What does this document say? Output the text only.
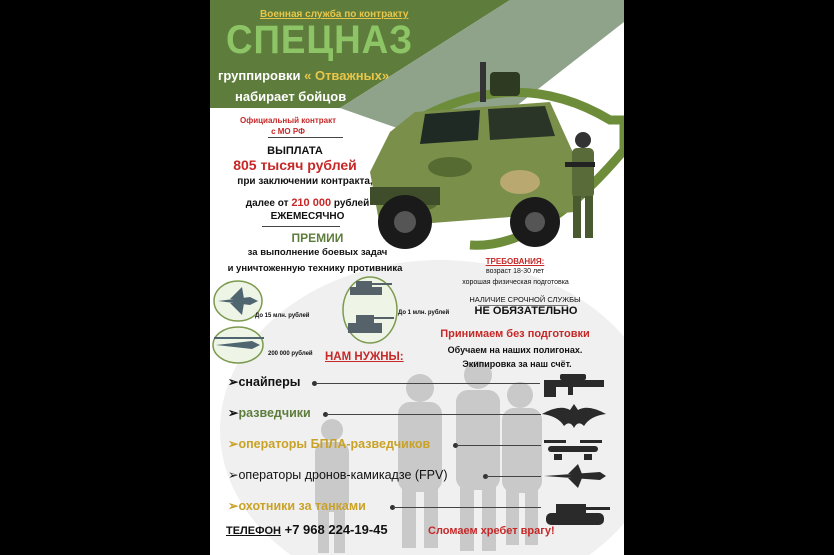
Военная служба по контракту
СПЕЦНАЗ
группировки « Отважных»
набирает бойцов
Официальный контракт
с МО РФ
ВЫПЛАТА
805 тысяч рублей
при заключении контракта,
далее от 210 000 рублей
ЕЖЕМЕСЯЧНО
ПРЕМИИ
за выполнение боевых задач
и уничтоженную технику противника
До 15 млн. рублей	До 1 млн. рублей
200 000 рублей
ТРЕБОВАНИЯ:
возраст 18-30 лет
хорошая физическая подготовка
НАЛИЧИЕ СРОЧНОЙ СЛУЖБЫ
НЕ ОБЯЗАТЕЛЬНО
Принимаем без подготовки
Обучаем на наших полигонах.
Экипировка за наш счёт.
НАМ НУЖНЫ:
➢снайперы
➢разведчики
➢операторы БПЛА-разведчиков
➢операторы дронов-камикадзе (FPV)
➢охотники за танками
ТЕЛЕФОН +7 968 224-19-45	Сломаем хребет врагу!
